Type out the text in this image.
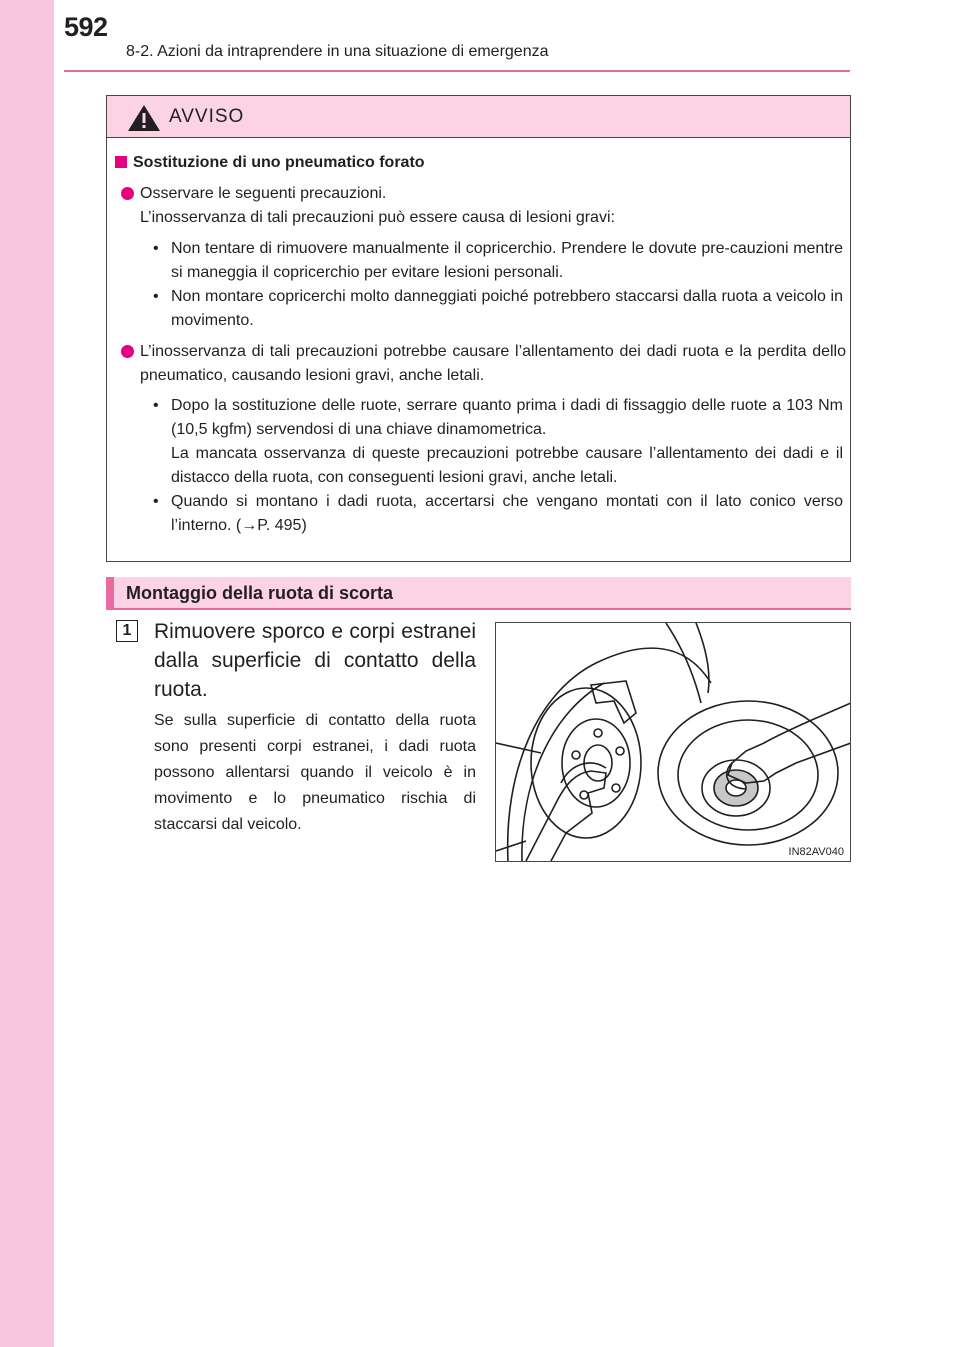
592
8-2. Azioni da intraprendere in una situazione di emergenza
AVVISO
Sostituzione di uno pneumatico forato
Osservare le seguenti precauzioni.
L’inosservanza di tali precauzioni può essere causa di lesioni gravi:
• Non tentare di rimuovere manualmente il copricerchio. Prendere le dovute pre-cauzioni mentre si maneggia il copricerchio per evitare lesioni personali.
• Non montare copricerchi molto danneggiati poiché potrebbero staccarsi dalla ruota a veicolo in movimento.
L’inosservanza di tali precauzioni potrebbe causare l’allentamento dei dadi ruota e la perdita dello pneumatico, causando lesioni gravi, anche letali.
• Dopo la sostituzione delle ruote, serrare quanto prima i dadi di fissaggio delle ruote a 103 Nm (10,5 kgfm) servendosi di una chiave dinamometrica.
La mancata osservanza di queste precauzioni potrebbe causare l’allentamento dei dadi e il distacco della ruota, con conseguenti lesioni gravi, anche letali.
• Quando si montano i dadi ruota, accertarsi che vengano montati con il lato conico verso l’interno. (→P. 495)
Montaggio della ruota di scorta
1	Rimuovere sporco e corpi estranei dalla superficie di contatto della ruota.
Se sulla superficie di contatto della ruota sono presenti corpi estranei, i dadi ruota possono allentarsi quando il veicolo è in movimento e lo pneumatico rischia di staccarsi dal veicolo.
IN82AV040
